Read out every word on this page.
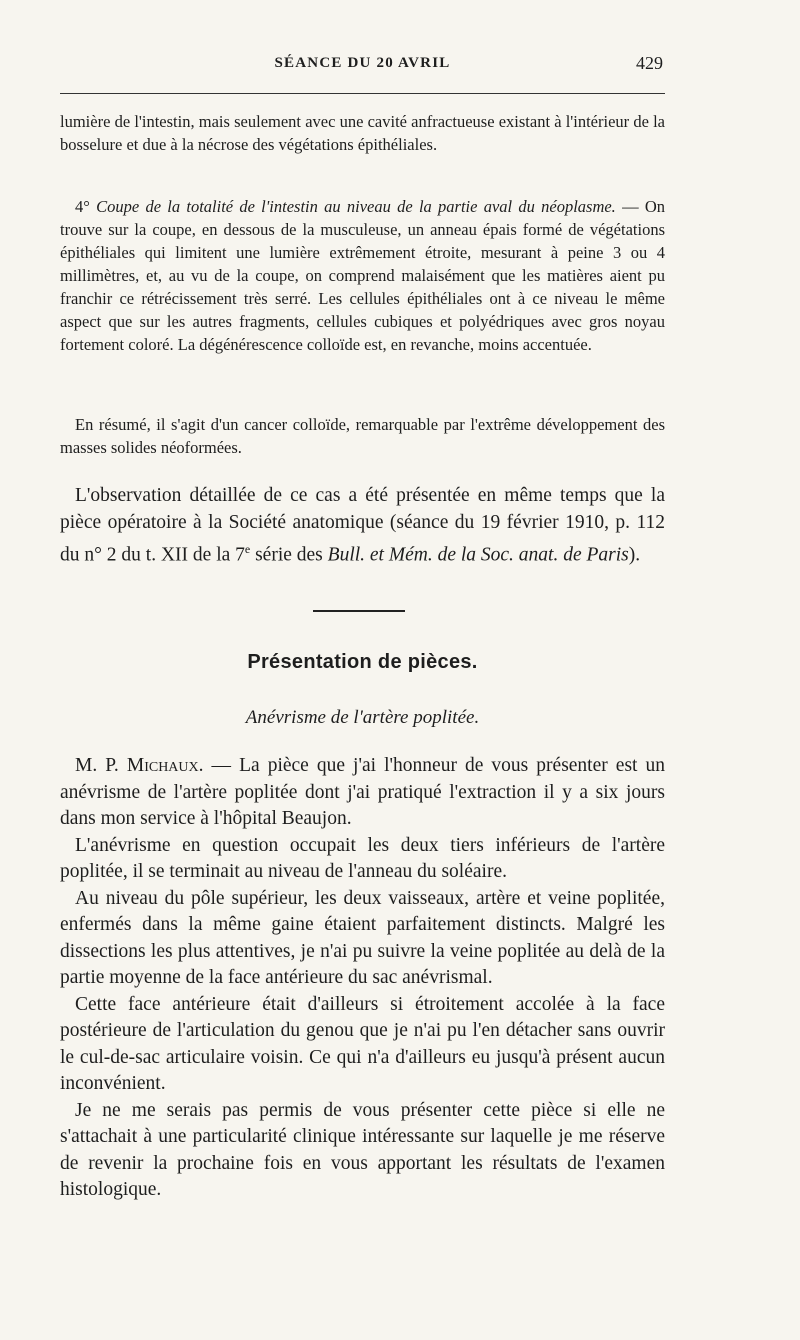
SÉANCE DU 20 AVRIL	429

lumière de l'intestin, mais seulement avec une cavité anfractueuse existant à l'intérieur de la bosselure et due à la nécrose des végétations épithéliales.

4° Coupe de la totalité de l'intestin au niveau de la partie aval du néoplasme. — On trouve sur la coupe, en dessous de la musculeuse, un anneau épais formé de végétations épithéliales qui limitent une lumière extrêmement étroite, mesurant à peine 3 ou 4 millimètres, et, au vu de la coupe, on comprend malaisément que les matières aient pu franchir ce rétrécissement très serré. Les cellules épithéliales ont à ce niveau le même aspect que sur les autres fragments, cellules cubiques et polyédriques avec gros noyau fortement coloré. La dégénérescence colloïde est, en revanche, moins accentuée.

En résumé, il s'agit d'un cancer colloïde, remarquable par l'extrême développement des masses solides néoformées.

L'observation détaillée de ce cas a été présentée en même temps que la pièce opératoire à la Société anatomique (séance du 19 février 1910, p. 112 du n° 2 du t. XII de la 7e série des Bull. et Mém. de la Soc. anat. de Paris).

Présentation de pièces.
Anévrisme de l'artère poplitée.

M. P. Michaux. — La pièce que j'ai l'honneur de vous présenter est un anévrisme de l'artère poplitée dont j'ai pratiqué l'extraction il y a six jours dans mon service à l'hôpital Beaujon.

L'anévrisme en question occupait les deux tiers inférieurs de l'artère poplitée, il se terminait au niveau de l'anneau du soléaire.

Au niveau du pôle supérieur, les deux vaisseaux, artère et veine poplitée, enfermés dans la même gaine étaient parfaitement distincts. Malgré les dissections les plus attentives, je n'ai pu suivre la veine poplitée au delà de la partie moyenne de la face antérieure du sac anévrismal.

Cette face antérieure était d'ailleurs si étroitement accolée à la face postérieure de l'articulation du genou que je n'ai pu l'en détacher sans ouvrir le cul-de-sac articulaire voisin. Ce qui n'a d'ailleurs eu jusqu'à présent aucun inconvénient.

Je ne me serais pas permis de vous présenter cette pièce si elle ne s'attachait à une particularité clinique intéressante sur laquelle je me réserve de revenir la prochaine fois en vous apportant les résultats de l'examen histologique.
